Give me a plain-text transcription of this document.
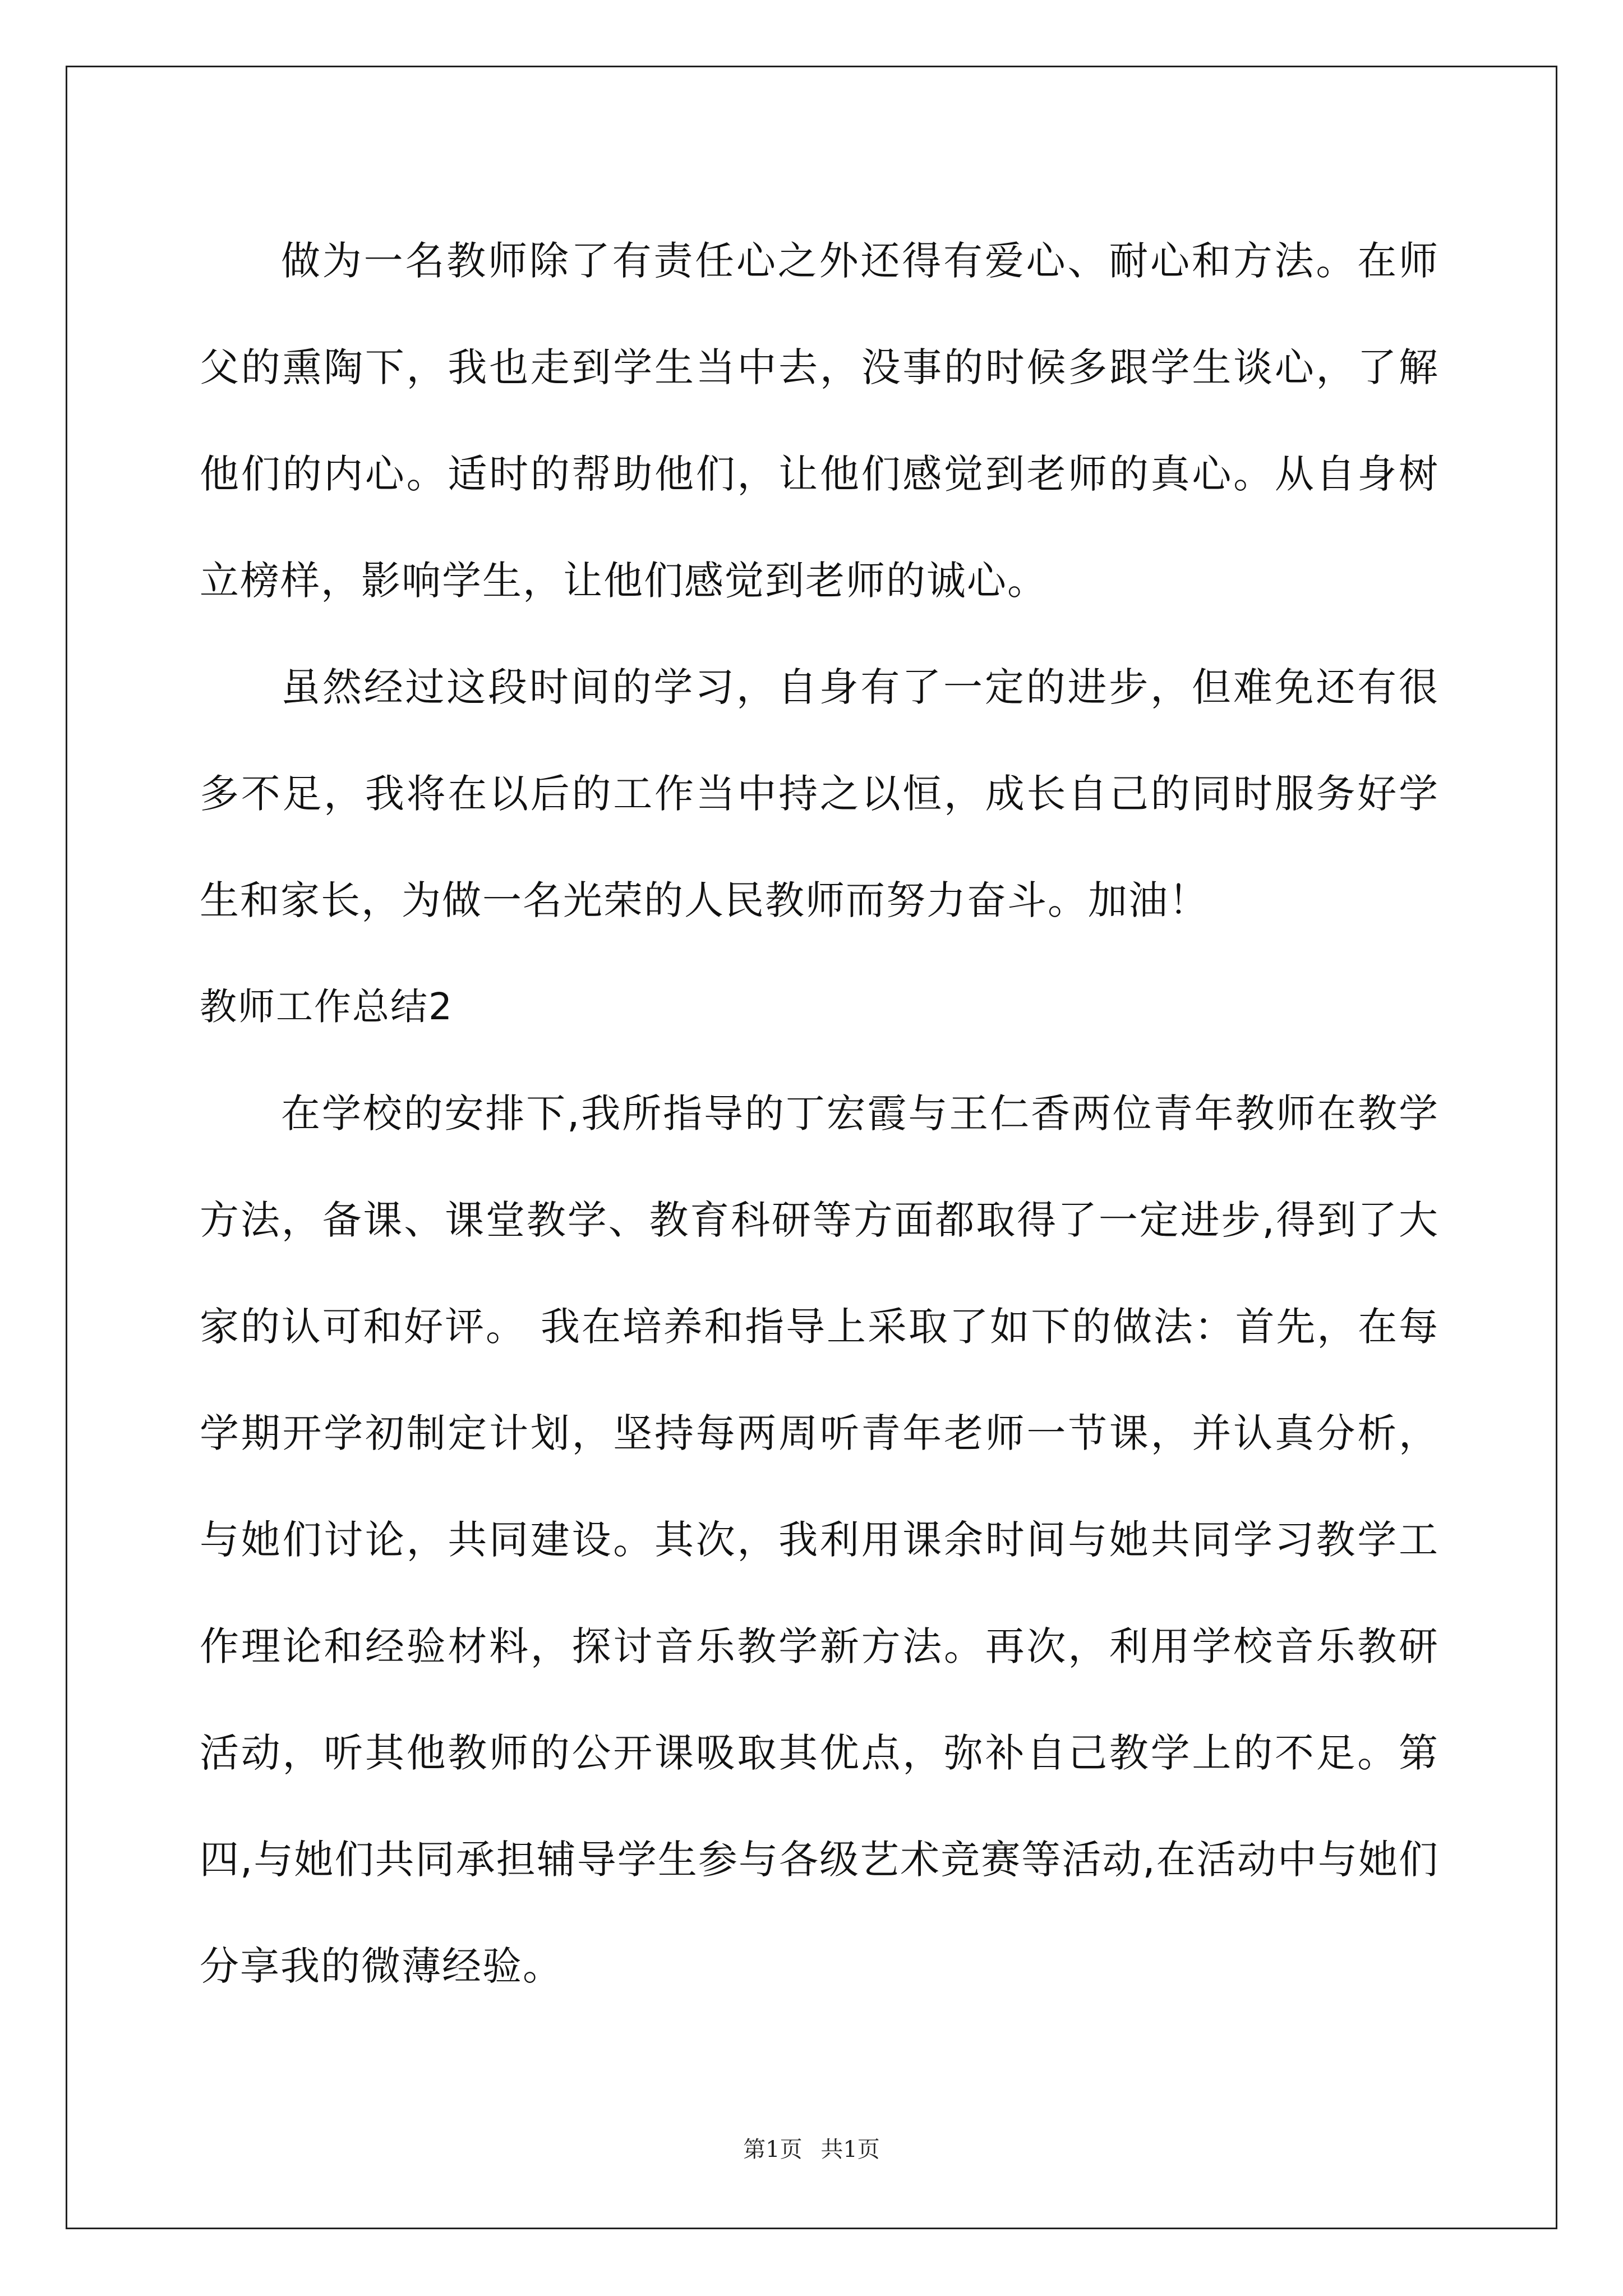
做为一名教师除了有责任心之外还得有爱心、耐心和方法。在师父的熏陶下，我也走到学生当中去，没事的时候多跟学生谈心，了解他们的内心。适时的帮助他们，让他们感觉到老师的真心。从自身树立榜样，影响学生，让他们感觉到老师的诚心。

虽然经过这段时间的学习，自身有了一定的进步，但难免还有很多不足，我将在以后的工作当中持之以恒，成长自己的同时服务好学生和家长，为做一名光荣的人民教师而努力奋斗。加油！

教师工作总结2

在学校的安排下,我所指导的丁宏霞与王仁香两位青年教师在教学方法，备课、课堂教学、教育科研等方面都取得了一定进步,得到了大家的认可和好评。 我在培养和指导上采取了如下的做法：首先，在每学期开学初制定计划，坚持每两周听青年老师一节课，并认真分析，与她们讨论，共同建设。其次，我利用课余时间与她共同学习教学工作理论和经验材料，探讨音乐教学新方法。再次，利用学校音乐教研活动，听其他教师的公开课吸取其优点，弥补自己教学上的不足。第四,与她们共同承担辅导学生参与各级艺术竞赛等活动,在活动中与她们分享我的微薄经验。

第1页 共1页
